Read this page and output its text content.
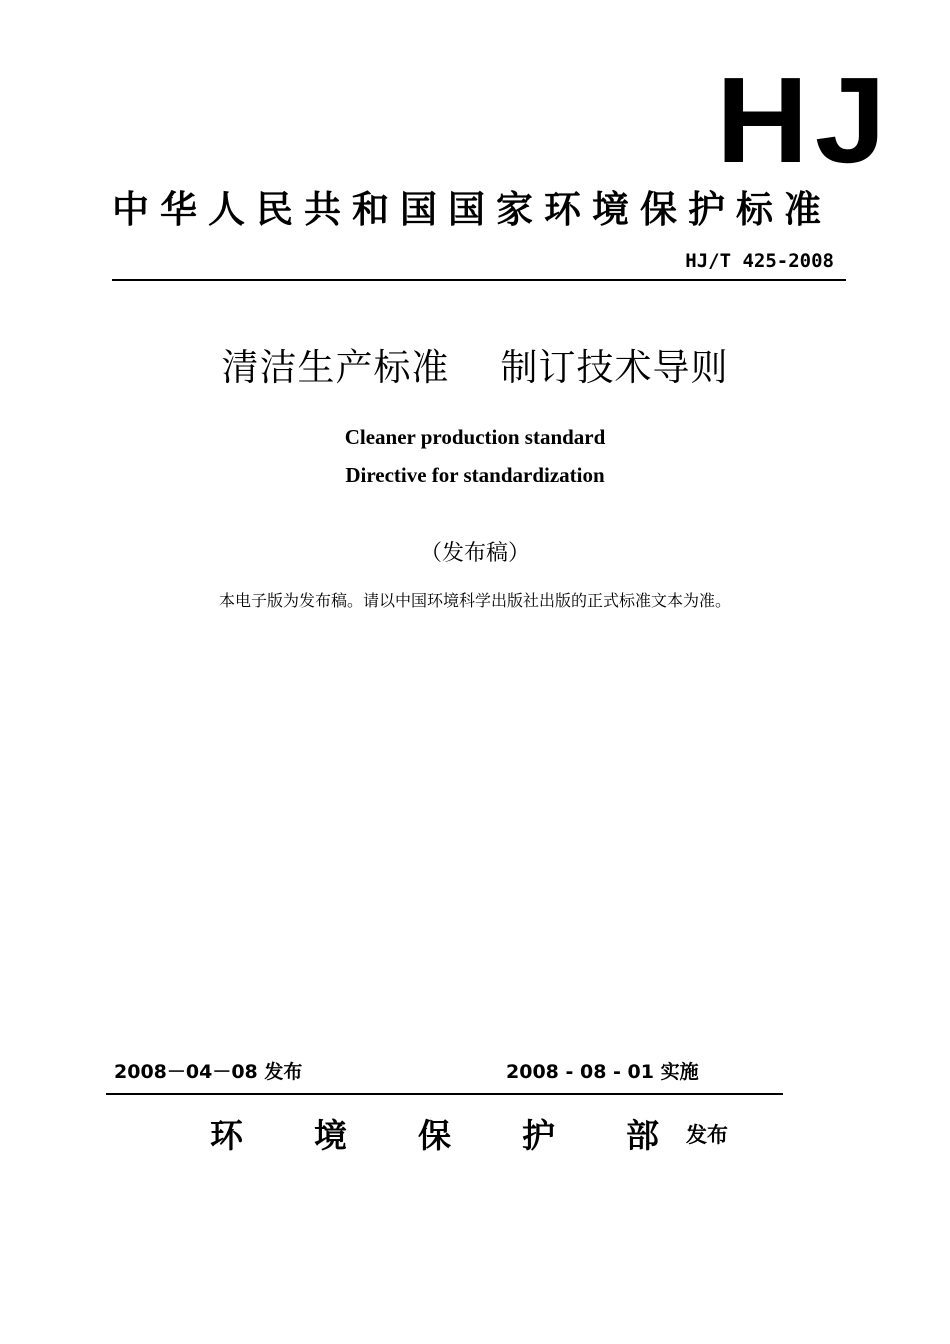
HJ
中华人民共和国国家环境保护标准
HJ/T 425-2008
清洁生产标准    制订技术导则
Cleaner production standard
Directive for standardization
（发布稿）
本电子版为发布稿。请以中国环境科学出版社出版的正式标准文本为准。
2008－04－08 发布	2008 - 08 - 01 实施
环 境 保 护 部	发布
